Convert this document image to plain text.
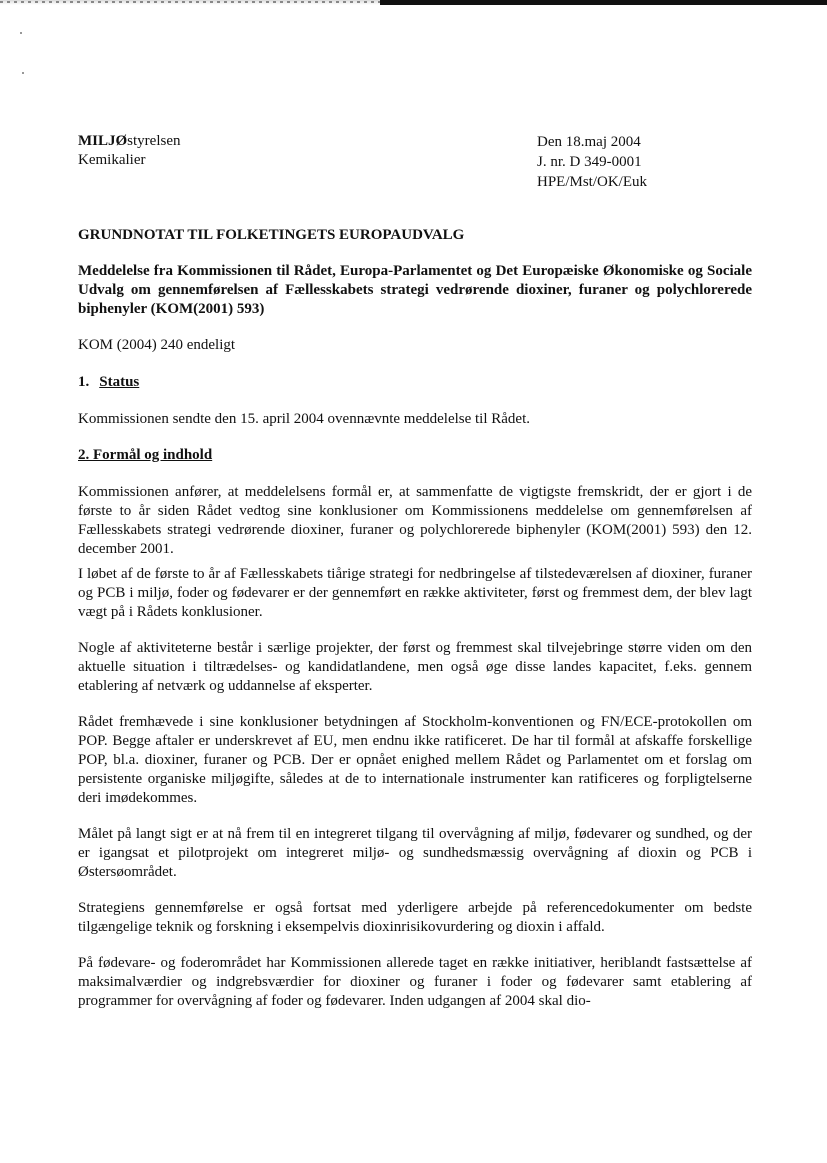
MILJØstyrelsen
Kemikalier
Den 18.maj 2004
J. nr. D 349-0001
HPE/Mst/OK/Euk
GRUNDNOTAT TIL FOLKETINGETS EUROPAUDVALG
Meddelelse fra Kommissionen til Rådet, Europa-Parlamentet og Det Europæiske Økonomiske og Sociale Udvalg om gennemførelsen af Fællesskabets strategi vedrørende dioxiner, furaner og polychlorerede biphenyler (KOM(2001) 593)
KOM (2004) 240 endeligt
1. Status

Kommissionen sendte den 15. april 2004 ovennævnte meddelelse til Rådet.

2. Formål og indhold

Kommissionen anfører, at meddelelsens formål er, at sammenfatte de vigtigste fremskridt, der er gjort i de første to år siden Rådet vedtog sine konklusioner om Kommissionens meddelelse om gennemførelsen af Fællesskabets strategi vedrørende dioxiner, furaner og polychlorerede biphenyler (KOM(2001) 593) den 12. december 2001.

I løbet af de første to år af Fællesskabets tiårige strategi for nedbringelse af tilstedeværelsen af dioxiner, furaner og PCB i miljø, foder og fødevarer er der gennemført en række aktiviteter, først og fremmest dem, der blev lagt vægt på i Rådets konklusioner.

Nogle af aktiviteterne består i særlige projekter, der først og fremmest skal tilvejebringe større viden om den aktuelle situation i tiltrædelses- og kandidatlandene, men også øge disse landes kapacitet, f.eks. gennem etablering af netværk og uddannelse af eksperter.

Rådet fremhævede i sine konklusioner betydningen af Stockholm-konventionen og FN/ECE-protokollen om POP. Begge aftaler er underskrevet af EU, men endnu ikke ratificeret. De har til formål at afskaffe forskellige POP, bl.a. dioxiner, furaner og PCB. Der er opnået enighed mellem Rådet og Parlamentet om et forslag om persistente organiske miljøgifte, således at de to internationale instrumenter kan ratificeres og forpligtelserne deri imødekommes.

Målet på langt sigt er at nå frem til en integreret tilgang til overvågning af miljø, fødevarer og sundhed, og der er igangsat et pilotprojekt om integreret miljø- og sundhedsmæssig overvågning af dioxin og PCB i Østersøområdet.

Strategiens gennemførelse er også fortsat med yderligere arbejde på referencedokumenter om bedste tilgængelige teknik og forskning i eksempelvis dioxinrisikovurdering og dioxin i affald.

På fødevare- og foderområdet har Kommissionen allerede taget en række initiativer, heriblandt fastsættelse af maksimalværdier og indgrebsværdier for dioxiner og furaner i foder og fødevarer samt etablering af programmer for overvågning af foder og fødevarer. Inden udgangen af 2004 skal dio-
